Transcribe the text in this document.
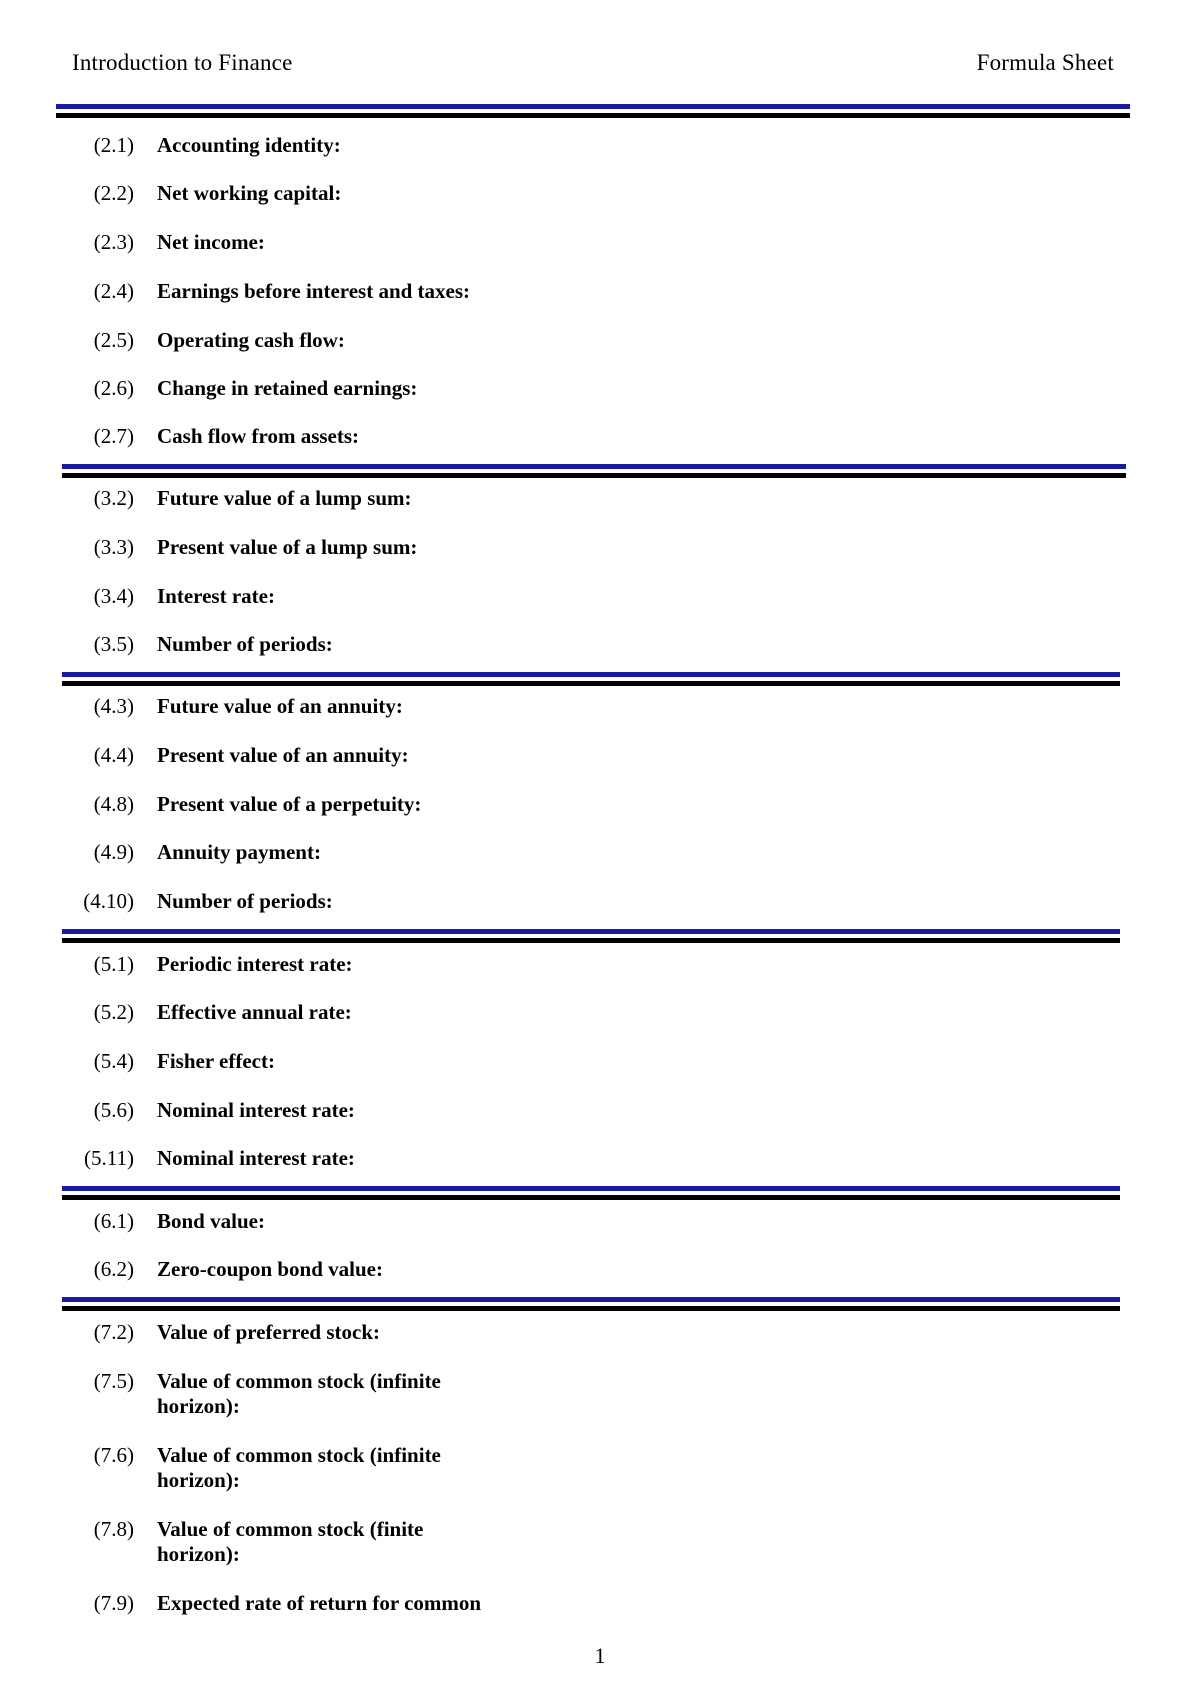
Introduction to Finance	Formula Sheet
(2.1) Accounting identity:
(2.2) Net working capital:
(2.3) Net income:
(2.4) Earnings before interest and taxes:
(2.5) Operating cash flow:
(2.6) Change in retained earnings:
(2.7) Cash flow from assets:
(3.2) Future value of a lump sum:
(3.3) Present value of a lump sum:
(3.4) Interest rate:
(3.5) Number of periods:
(4.3) Future value of an annuity:
(4.4) Present value of an annuity:
(4.8) Present value of a perpetuity:
(4.9) Annuity payment:
(4.10) Number of periods:
(5.1) Periodic interest rate:
(5.2) Effective annual rate:
(5.4) Fisher effect:
(5.6) Nominal interest rate:
(5.11) Nominal interest rate:
(6.1) Bond value:
(6.2) Zero-coupon bond value:
(7.2) Value of preferred stock:
(7.5) Value of common stock (infinite horizon):
(7.6) Value of common stock (infinite horizon):
(7.8) Value of common stock (finite horizon):
(7.9) Expected rate of return for common
1
